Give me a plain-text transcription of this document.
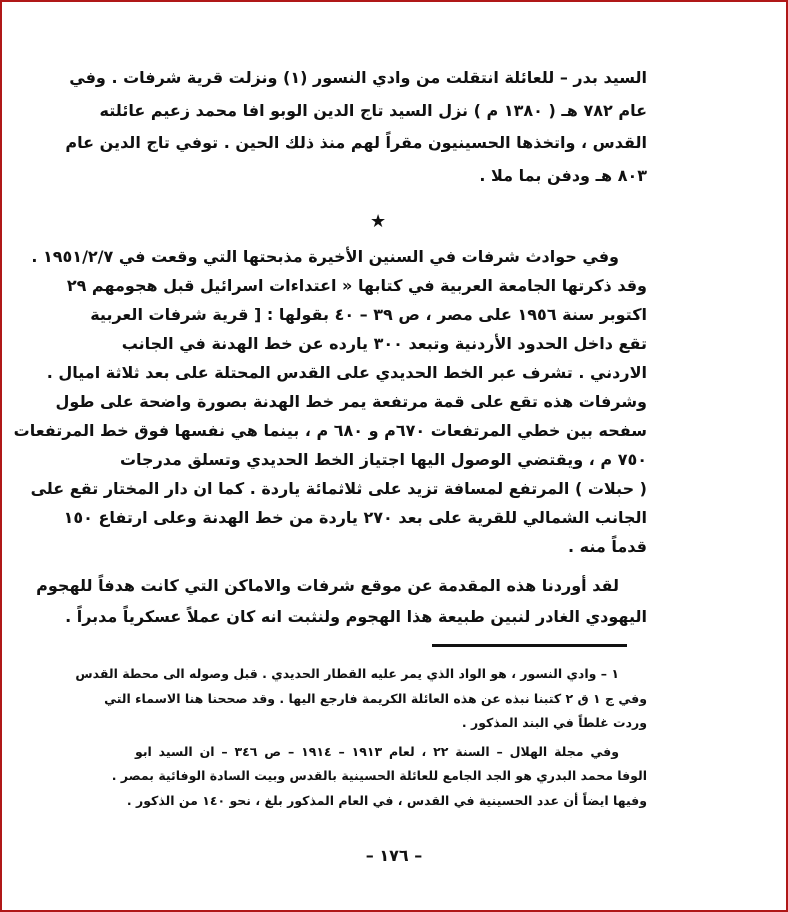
السيد بدر – للعائلة انتقلت من وادي النسور (١) ونزلت قرية شرفات . وفي
عام ٧٨٢ هـ ( ١٣٨٠ م ) نزل السيد تاج الدين الوبو افا محمد زعيم عائلته
القدس ، واتخذها الحسينيون مقراً لهم منذ ذلك الحين . توفي تاج الدين عام
٨٠٣ هـ ودفن بما ملا .
★
وفي حوادث شرفات في السنين الأخيرة مذبحتها التي وقعت في ١٩٥١/٢/٧ .
وقد ذكرتها الجامعة العربية في كتابها « اعتداءات اسرائيل قبل هجومهم ٢٩
اكتوبر سنة ١٩٥٦ على مصر ، ص ٣٩ – ٤٠ بقولها : [ قرية شرفات العربية
تقع داخل الحدود الأردنية وتبعد ٣٠٠ يارده عن خط الهدنة في الجانب
الاردني . تشرف عبر الخط الحديدي على القدس المحتلة على بعد ثلاثة اميال .
وشرفات هذه تقع على قمة مرتفعة يمر خط الهدنة بصورة واضحة على طول
سفحه بين خطي المرتفعات ٦٧٠م و ٦٨٠ م ، بينما هي نفسها فوق خط المرتفعات
٧٥٠ م ، ويقتضي الوصول اليها اجتياز الخط الحديدي وتسلق مدرجات
( حبلات ) المرتفع لمسافة تزيد على ثلاثمائة ياردة . كما ان دار المختار تقع على
الجانب الشمالي للقرية على بعد ٢٧٠ ياردة من خط الهدنة وعلى ارتفاع ١٥٠
قدماً منه .
لقد أوردنا هذه المقدمة عن موقع شرفات والاماكن التي كانت هدفاً للهجوم
اليهودي الغادر لنبين طبيعة هذا الهجوم ولنثبت انه كان عملاً عسكرياً مدبراً .
١ – وادي النسور ، هو الواد الذي يمر عليه القطار الحديدي . قبل وصوله الى محطة القدس
وفي ج ١ ق ٢ كتبنا نبذه عن هذه العائلة الكريمة فارجع اليها . وقد صححنا هنا الاسماء التي
وردت غلطاً في البند المذكور .
وفي مجلة الهلال – السنة ٢٢ ، لعام ١٩١٣ – ١٩١٤ – ص ٣٤٦ – ان السيد ابو
الوفا محمد البدري هو الجد الجامع للعائلة الحسينية بالقدس وبيت السادة الوفائية بمصر .
وفيها ايضاً أن عدد الحسينية في القدس ، في العام المذكور بلغ ، نحو ١٤٠ من الذكور .
– ١٧٦ –
